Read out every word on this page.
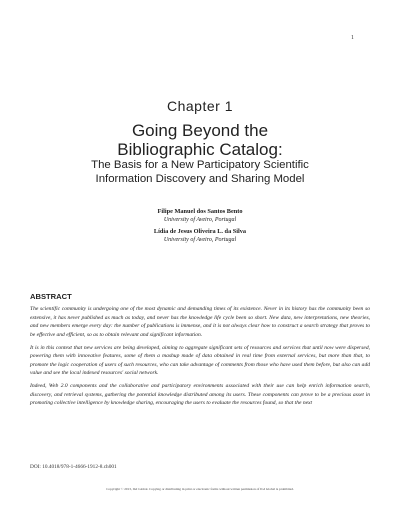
1
Chapter 1
Going Beyond the
Bibliographic Catalog:
The Basis for a New Participatory Scientific
Information Discovery and Sharing Model
Filipe Manuel dos Santos Bento
University of Aveiro, Portugal
Lídia de Jesus Oliveira L. da Silva
University of Aveiro, Portugal
ABSTRACT

The scientific community is undergoing one of the most dynamic and demanding times of its existence. Never in its history has the community been so extensive, it has never published as much as today, and never has the knowledge life cycle been so short. New data, new interpretations, new theories, and new members emerge every day: the number of publications is immense, and it is not always clear how to construct a search strategy that proves to be effective and efficient, so as to obtain relevant and significant information.

It is in this context that new services are being developed, aiming to aggregate significant sets of resources and services that until now were dispersed, powering them with innovative features, some of them a mashup made of data obtained in real time from external services, but more than that, to promote the logic cooperation of users of such resources, who can take advantage of comments from those who have used them before, but also can add value and see the local indexed resources' social network.

Indeed, Web 2.0 components and the collaborative and participatory environments associated with their use can help enrich information search, discovery, and retrieval systems, gathering the potential knowledge distributed among its users. These components can prove to be a precious asset in promoting collective intelligence by knowledge sharing, encouraging the users to evaluate the resources found, so that the next

DOI: 10.4018/978-1-4666-1912-8.ch001
Copyright © 2013, IGI Global. Copying or distributing in print or electronic forms without written permission of IGI Global is prohibited.
